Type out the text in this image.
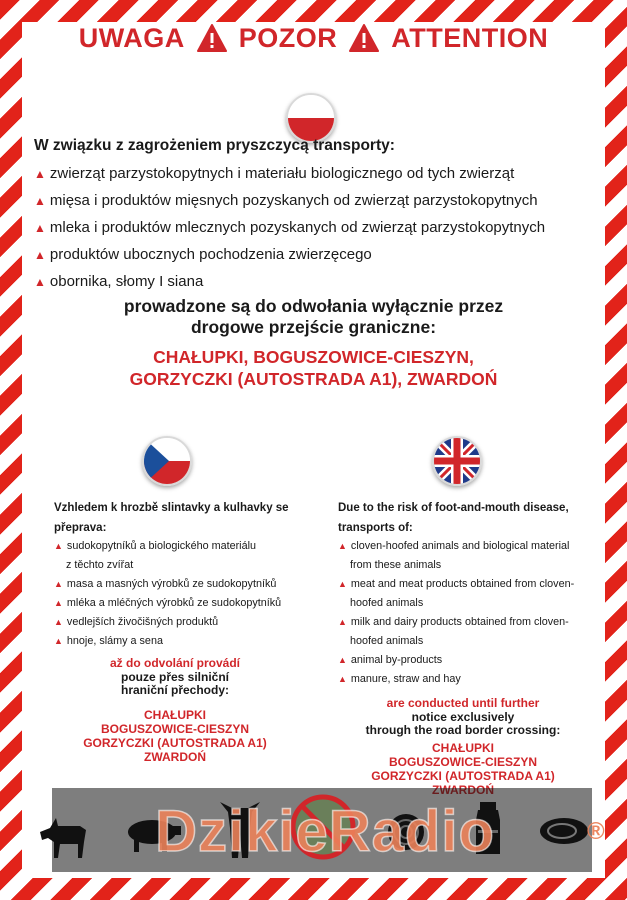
UWAGA POZOR ATTENTION
W związku z zagrożeniem pryszczycą transporty:
▲ zwierząt parzystokopytnych i materiału biologicznego od tych zwierząt
▲ mięsa i produktów mięsnych pozyskanych od zwierząt parzystokopytnych
▲ mleka i produktów mlecznych pozyskanych od zwierząt parzystokopytnych
▲ produktów ubocznych pochodzenia zwierzęcego
▲ obornika, słomy I siana
prowadzone są do odwołania wyłącznie przez
drogowe przejście graniczne:
CHAŁUPKI, BOGUSZOWICE-CIESZYN,
GORZYCZKI (AUTOSTRADA A1), ZWARDOŃ
Vzhledem k hrozbě slintavky a kulhavky se
přeprava:
▲ sudokopytníků a biologického materiálu
z těchto zvířat
▲ masa a masných výrobků ze sudokopytníků
▲ mléka a mléčných výrobků ze sudokopytníků
▲ vedlejších živočišných produktů
▲ hnoje, slámy a sena
až do odvolání provádí
pouze přes silniční
hraniční přechody:
CHAŁUPKI
BOGUSZOWICE-CIESZYN
GORZYCZKI (AUTOSTRADA A1)
ZWARDOŃ
Due to the risk of foot-and-mouth disease,
transports of:
▲ cloven-hoofed animals and biological material
from these animals
▲ meat and meat products obtained from cloven-
hoofed animals
▲ milk and dairy products obtained from cloven-
hoofed animals
▲ animal by-products
▲ manure, straw and hay
are conducted until further
notice exclusively
through the road border crossing:
CHAŁUPKI
BOGUSZOWICE-CIESZYN
GORZYCZKI (AUTOSTRADA A1)
DzikieRadio	®
